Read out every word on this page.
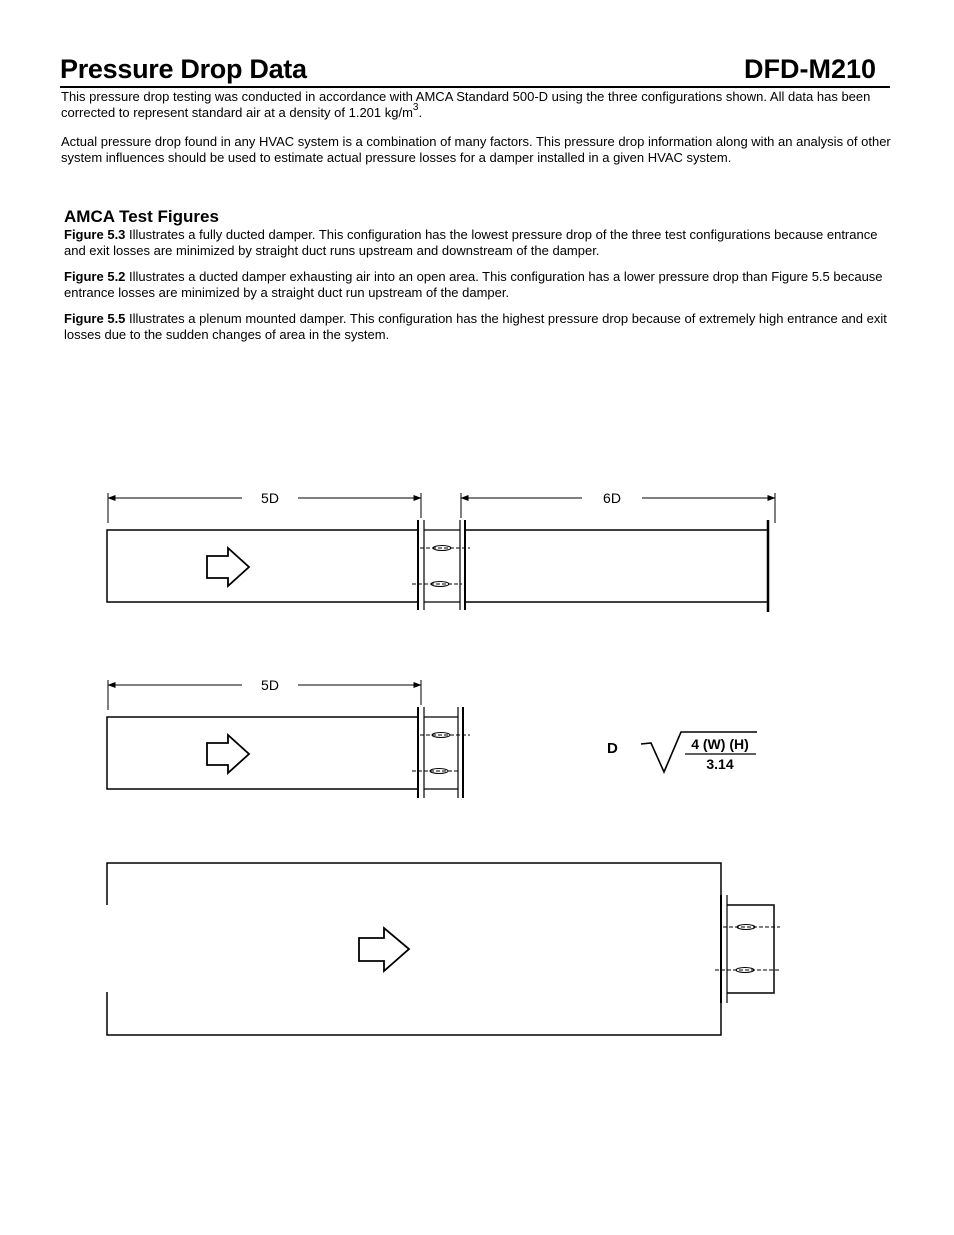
Pressure Drop Data	DFD-M210

This pressure drop testing was conducted in accordance with AMCA Standard 500-D using the three configurations shown. All data has been corrected to represent standard air at a density of 1.201 $kg/m^3$.

Actual pressure drop found in any HVAC system is a combination of many factors. This pressure drop information along with an analysis of other system influences should be used to estimate actual pressure losses for a damper installed in a given HVAC system.

AMCA Test Figures

Figure 5.3 Illustrates a fully ducted damper. This configuration has the lowest pressure drop of the three test configurations because entrance and exit losses are minimized by straight duct runs upstream and downstream of the damper.

Figure 5.2 Illustrates a ducted damper exhausting air into an open area. This configuration has a lower pressure drop than Figure 5.5 because entrance losses are minimized by a straight duct run upstream of the damper.

Figure 5.5 Illustrates a plenum mounted damper. This configuration has the highest pressure drop because of extremely high entrance and exit losses due to the sudden changes of area in the system.

5D	6D
5D
D	4 (W) (H)
3.14
